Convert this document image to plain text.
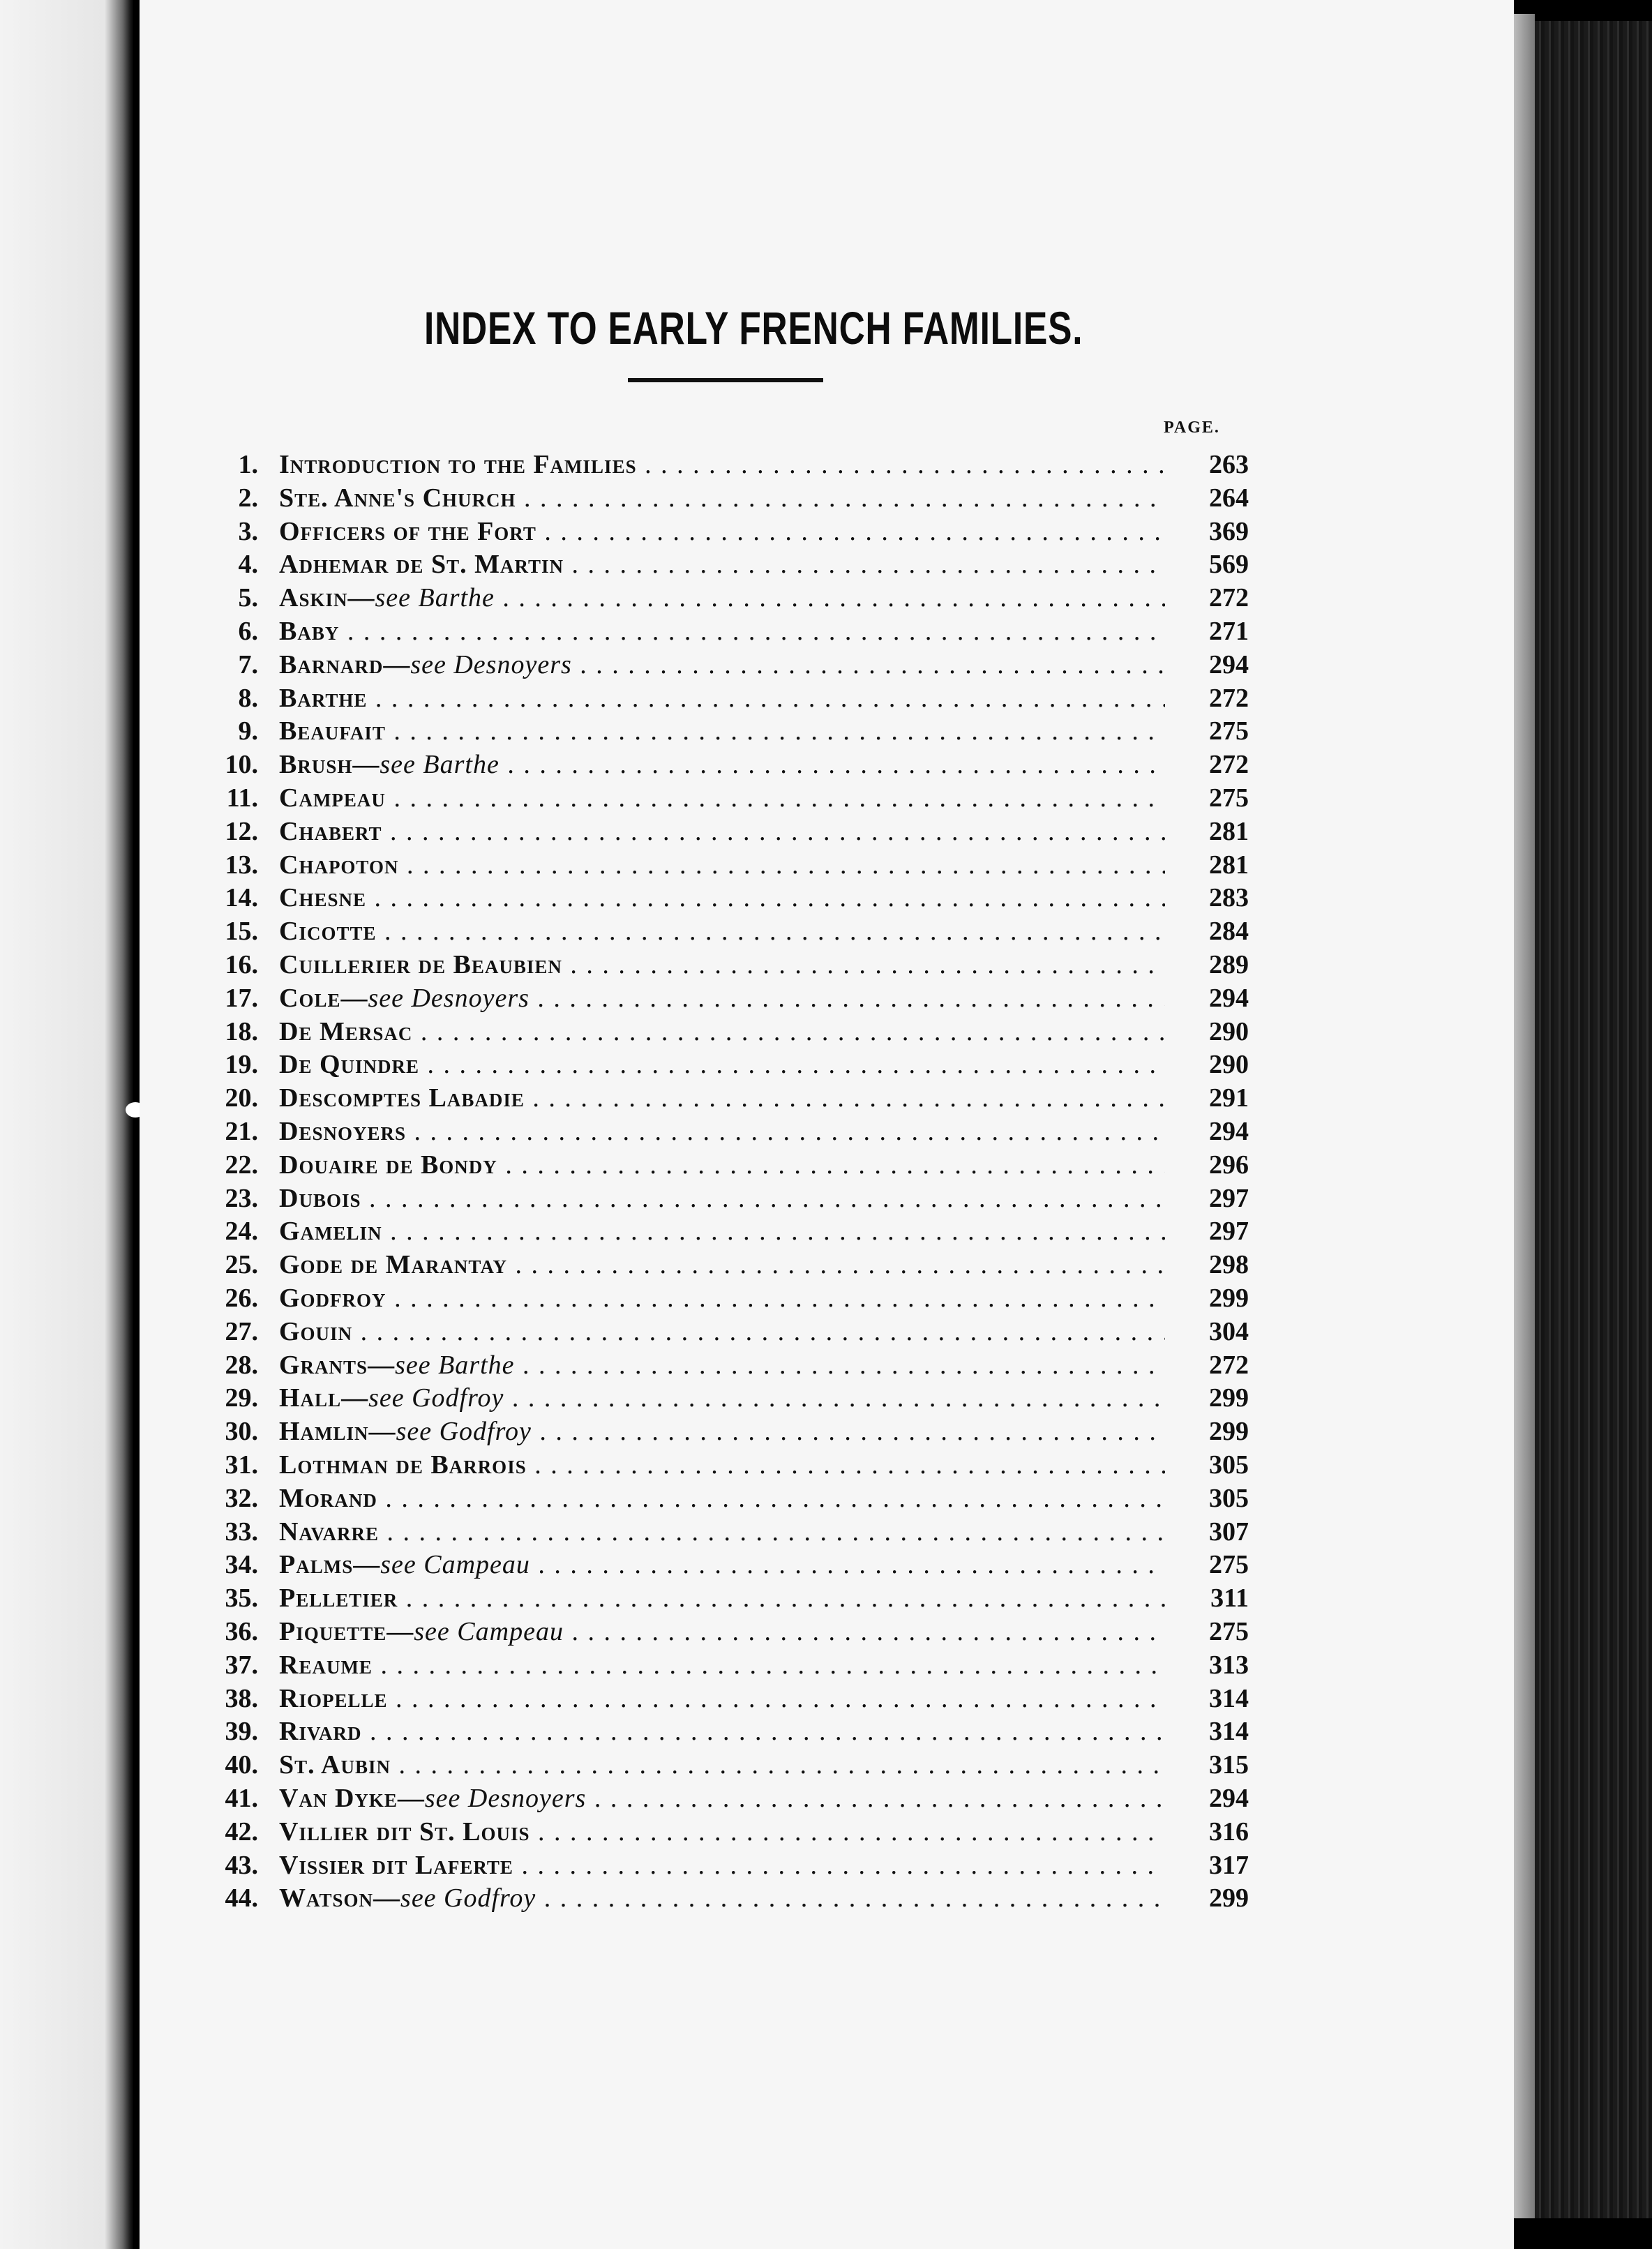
INDEX TO EARLY FRENCH FAMILIES.
PAGE.
1. Introduction to the Families . . .	263
2. Ste. Anne's Church . . .	264
3. Officers of the Fort . . .	369
4. Adhemar de St. Martin . . .	569
5. Askin—see Barthe . . .	272
6. Baby . . .	271
7. Barnard—see Desnoyers . . .	294
8. Barthe . . .	272
9. Beaufait . . .	275
10. Brush—see Barthe . . .	272
11. Campeau . . .	275
12. Chabert . . .	281
13. Chapoton . . .	281
14. Chesne . . .	283
15. Cicotte . . .	284
16. Cuillerier de Beaubien . . .	289
17. Cole—see Desnoyers . . .	294
18. De Mersac . . .	290
19. De Quindre . . .	290
20. Descomptes Labadie . . .	291
21. Desnoyers . . .	294
22. Douaire de Bondy . . .	296
23. Dubois . . .	297
24. Gamelin . . .	297
25. Gode de Marantay . . .	298
26. Godfroy . . .	299
27. Gouin . . .	304
28. Grants—see Barthe . . .	272
29. Hall—see Godfroy . . .	299
30. Hamlin—see Godfroy . . .	299
31. Lothman de Barrois . . .	305
32. Morand . . .	305
33. Navarre . . .	307
34. Palms—see Campeau . . .	275
35. Pelletier . . .	311
36. Piquette—see Campeau . . .	275
37. Reaume . . .	313
38. Riopelle . . .	314
39. Rivard . . .	314
40. St. Aubin . . .	315
41. Van Dyke—see Desnoyers . . .	294
42. Villier dit St. Louis . . .	316
43. Vissier dit Laferte . . .	317
44. Watson—see Godfroy . . .	299
